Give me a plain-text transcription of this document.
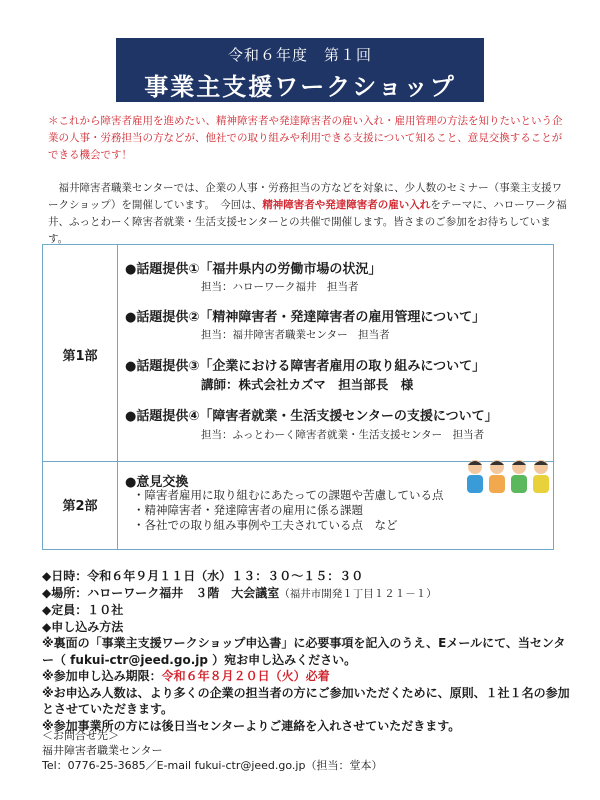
令和６年度　第１回
事業主支援ワークショップ
＊これから障害者雇用を進めたい、精神障害者や発達障害者の雇い入れ・雇用管理の方法を知りたいという企業の人事・労務担当の方などが、他社での取り組みや利用できる支援について知ること、意見交換することができる機会です！
　福井障害者職業センターでは、企業の人事・労務担当の方などを対象に、少人数のセミナー（事業主支援ワークショップ）を開催しています。　今回は、精神障害者や発達障害者の雇い入れをテーマに、ハローワーク福井、ふっとわーく障害者就業・生活支援センターとの共催で開催します。皆さまのご参加をお待ちしています。
第1部
第2部
●話題提供①「福井県内の労働市場の状況」
担当：ハローワーク福井　担当者
●話題提供②「精神障害者・発達障害者の雇用管理について」
担当：福井障害者職業センター　担当者
●話題提供③「企業における障害者雇用の取り組みについて」
講師：株式会社カズマ　担当部長　様
●話題提供④「障害者就業・生活支援センターの支援について」
担当：ふっとわーく障害者就業・生活支援センター　担当者
●意見交換
・障害者雇用に取り組むにあたっての課題や苦慮している点
・精神障害者・発達障害者の雇用に係る課題
・各社での取り組み事例や工夫されている点　など
◆日時：令和６年９月１１日（水）１３：３０～１５：３０
◆場所：ハローワーク福井　３階　大会議室（福井市開発１丁目１２１－１）
◆定員：１０社
◆申し込み方法
※裏面の「事業主支援ワークショップ申込書」に必要事項を記入のうえ、Eメールにて、当センター（ fukui-ctr@jeed.go.jp ）宛お申し込みください。
※参加申し込み期限：令和６年８月２０日（火）必着
※お申込み人数は、より多くの企業の担当者の方にご参加いただくために、原則、１社１名の参加とさせていただきます。
※参加事業所の方には後日当センターよりご連絡を入れさせていただきます。
＜お問合せ先＞
福井障害者職業センター
Tel：0776-25-3685／E-mail fukui-ctr@jeed.go.jp（担当：堂本）
